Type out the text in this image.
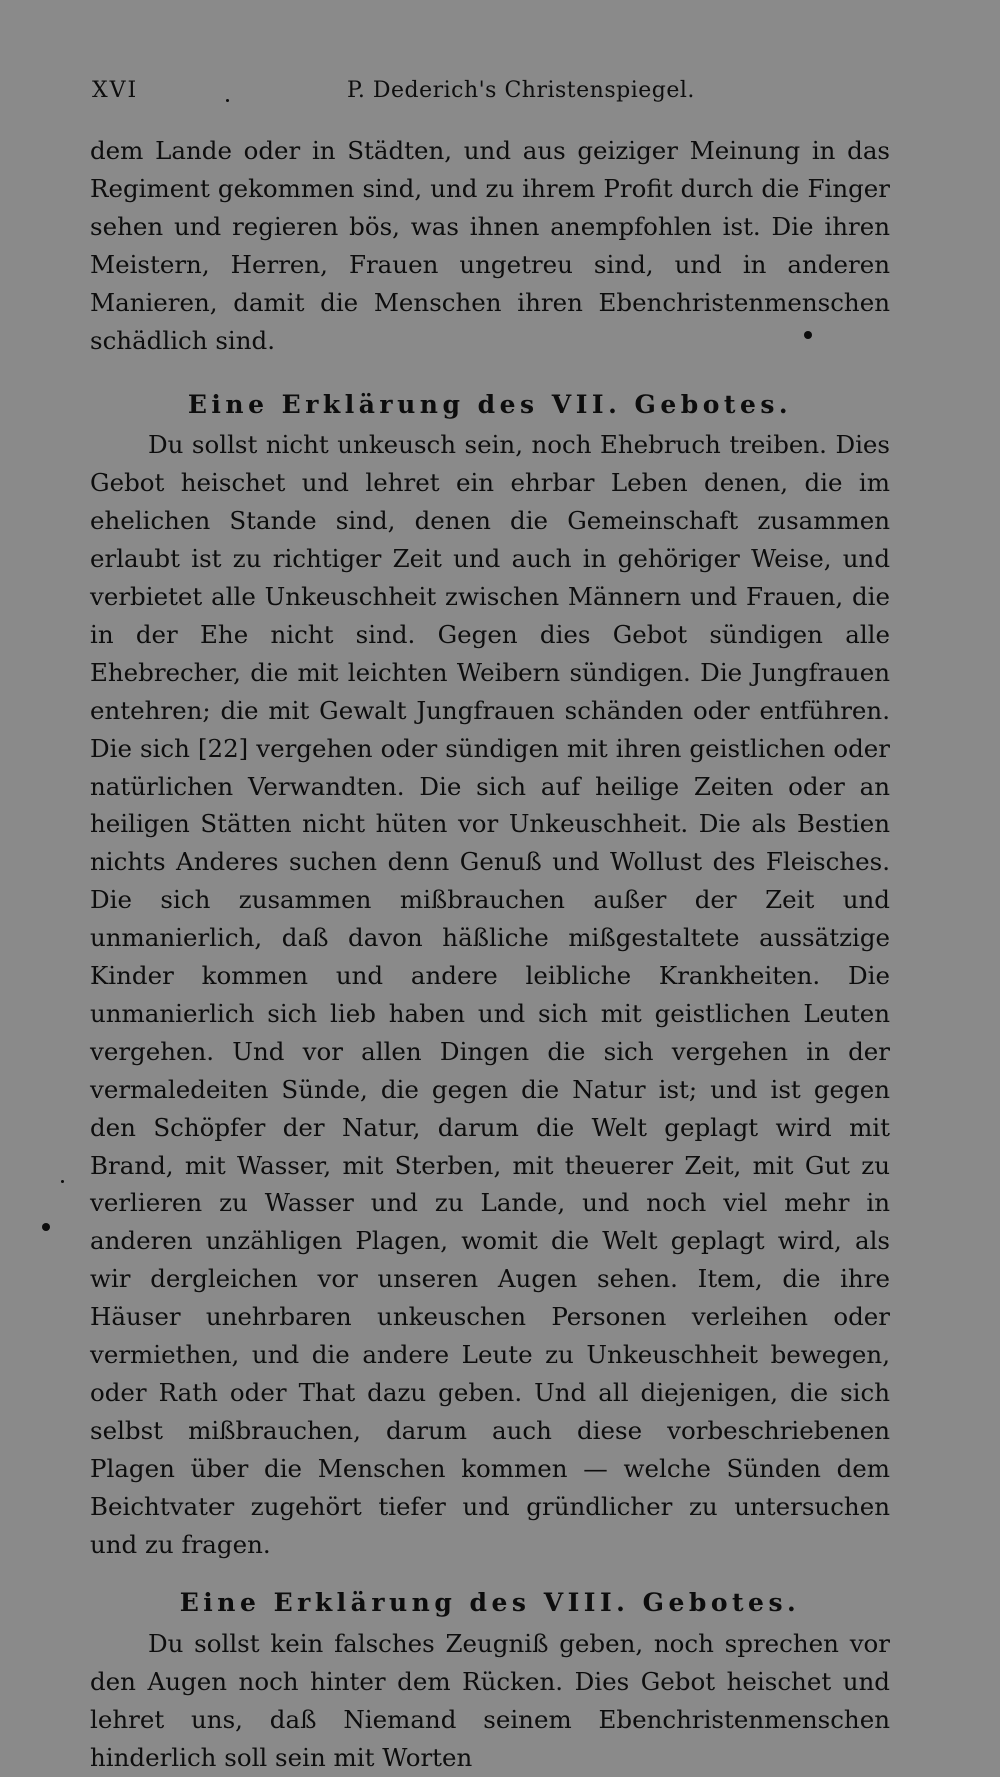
XVI	P. Dederich's Christenspiegel.

dem Lande oder in Städten, und aus geiziger Meinung in das Regiment gekommen sind, und zu ihrem Profit durch die Finger sehen und regieren bös, was ihnen anempfohlen ist. Die ihren Meistern, Herren, Frauen ungetreu sind, und in anderen Manieren, damit die Menschen ihren Ebenchristenmenschen schädlich sind.

Eine Erklärung des VII. Gebotes.

Du sollst nicht unkeusch sein, noch Ehebruch treiben. Dies Gebot heischet und lehret ein ehrbar Leben denen, die im ehelichen Stande sind, denen die Gemeinschaft zusammen erlaubt ist zu richtiger Zeit und auch in gehöriger Weise, und verbietet alle Unkeuschheit zwischen Männern und Frauen, die in der Ehe nicht sind. Gegen dies Gebot sündigen alle Ehebrecher, die mit leichten Weibern sündigen. Die Jungfrauen entehren; die mit Gewalt Jungfrauen schänden oder entführen. Die sich [22] vergehen oder sündigen mit ihren geistlichen oder natürlichen Verwandten. Die sich auf heilige Zeiten oder an heiligen Stätten nicht hüten vor Unkeuschheit. Die als Bestien nichts Anderes suchen denn Genuß und Wollust des Fleisches. Die sich zusammen mißbrauchen außer der Zeit und unmanierlich, daß davon häßliche mißgestaltete aussätzige Kinder kommen und andere leibliche Krankheiten. Die unmanierlich sich lieb haben und sich mit geistlichen Leuten vergehen. Und vor allen Dingen die sich vergehen in der vermaledeiten Sünde, die gegen die Natur ist; und ist gegen den Schöpfer der Natur, darum die Welt geplagt wird mit Brand, mit Wasser, mit Sterben, mit theuerer Zeit, mit Gut zu verlieren zu Wasser und zu Lande, und noch viel mehr in anderen unzähligen Plagen, womit die Welt geplagt wird, als wir dergleichen vor unseren Augen sehen. Item, die ihre Häuser unehrbaren unkeuschen Personen verleihen oder vermiethen, und die andere Leute zu Unkeuschheit bewegen, oder Rath oder That dazu geben. Und all diejenigen, die sich selbst mißbrauchen, darum auch diese vorbeschriebenen Plagen über die Menschen kommen — welche Sünden dem Beichtvater zugehört tiefer und gründlicher zu untersuchen und zu fragen.

Eine Erklärung des VIII. Gebotes.

Du sollst kein falsches Zeugniß geben, noch sprechen vor den Augen noch hinter dem Rücken. Dies Gebot heischet und lehret uns, daß Niemand seinem Ebenchristenmenschen hinderlich soll sein mit Worten
